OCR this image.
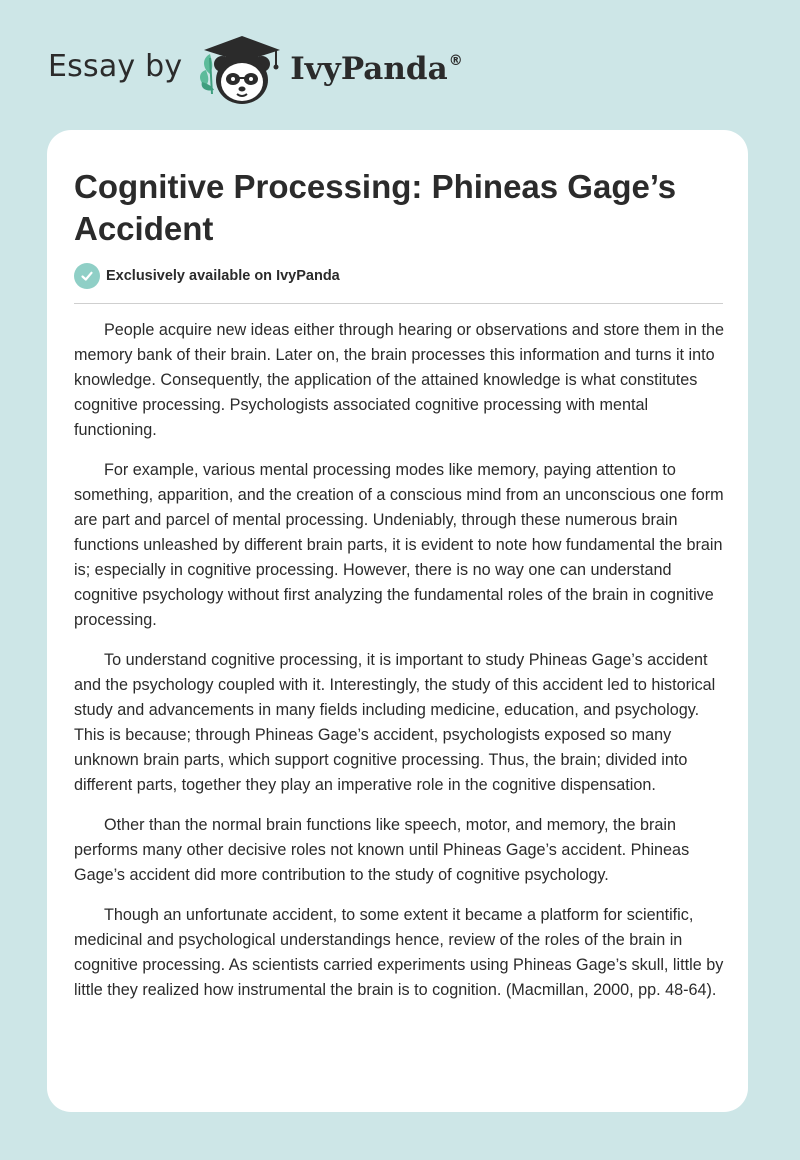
Essay by	IvyPanda®
Cognitive Processing: Phineas Gage’s Accident
Exclusively available on IvyPanda

People acquire new ideas either through hearing or observations and store them in the memory bank of their brain. Later on, the brain processes this information and turns it into knowledge. Consequently, the application of the attained knowledge is what constitutes cognitive processing. Psychologists associated cognitive processing with mental functioning.

For example, various mental processing modes like memory, paying attention to something, apparition, and the creation of a conscious mind from an unconscious one form are part and parcel of mental processing. Undeniably, through these numerous brain functions unleashed by different brain parts, it is evident to note how fundamental the brain is; especially in cognitive processing. However, there is no way one can understand cognitive psychology without first analyzing the fundamental roles of the brain in cognitive processing.

To understand cognitive processing, it is important to study Phineas Gage’s accident and the psychology coupled with it. Interestingly, the study of this accident led to historical study and advancements in many fields including medicine, education, and psychology. This is because; through Phineas Gage’s accident, psychologists exposed so many unknown brain parts, which support cognitive processing. Thus, the brain; divided into different parts, together they play an imperative role in the cognitive dispensation.

Other than the normal brain functions like speech, motor, and memory, the brain performs many other decisive roles not known until Phineas Gage’s accident. Phineas Gage’s accident did more contribution to the study of cognitive psychology.

Though an unfortunate accident, to some extent it became a platform for scientific, medicinal and psychological understandings hence, review of the roles of the brain in cognitive processing. As scientists carried experiments using Phineas Gage’s skull, little by little they realized how instrumental the brain is to cognition. (Macmillan, 2000, pp. 48-64).
